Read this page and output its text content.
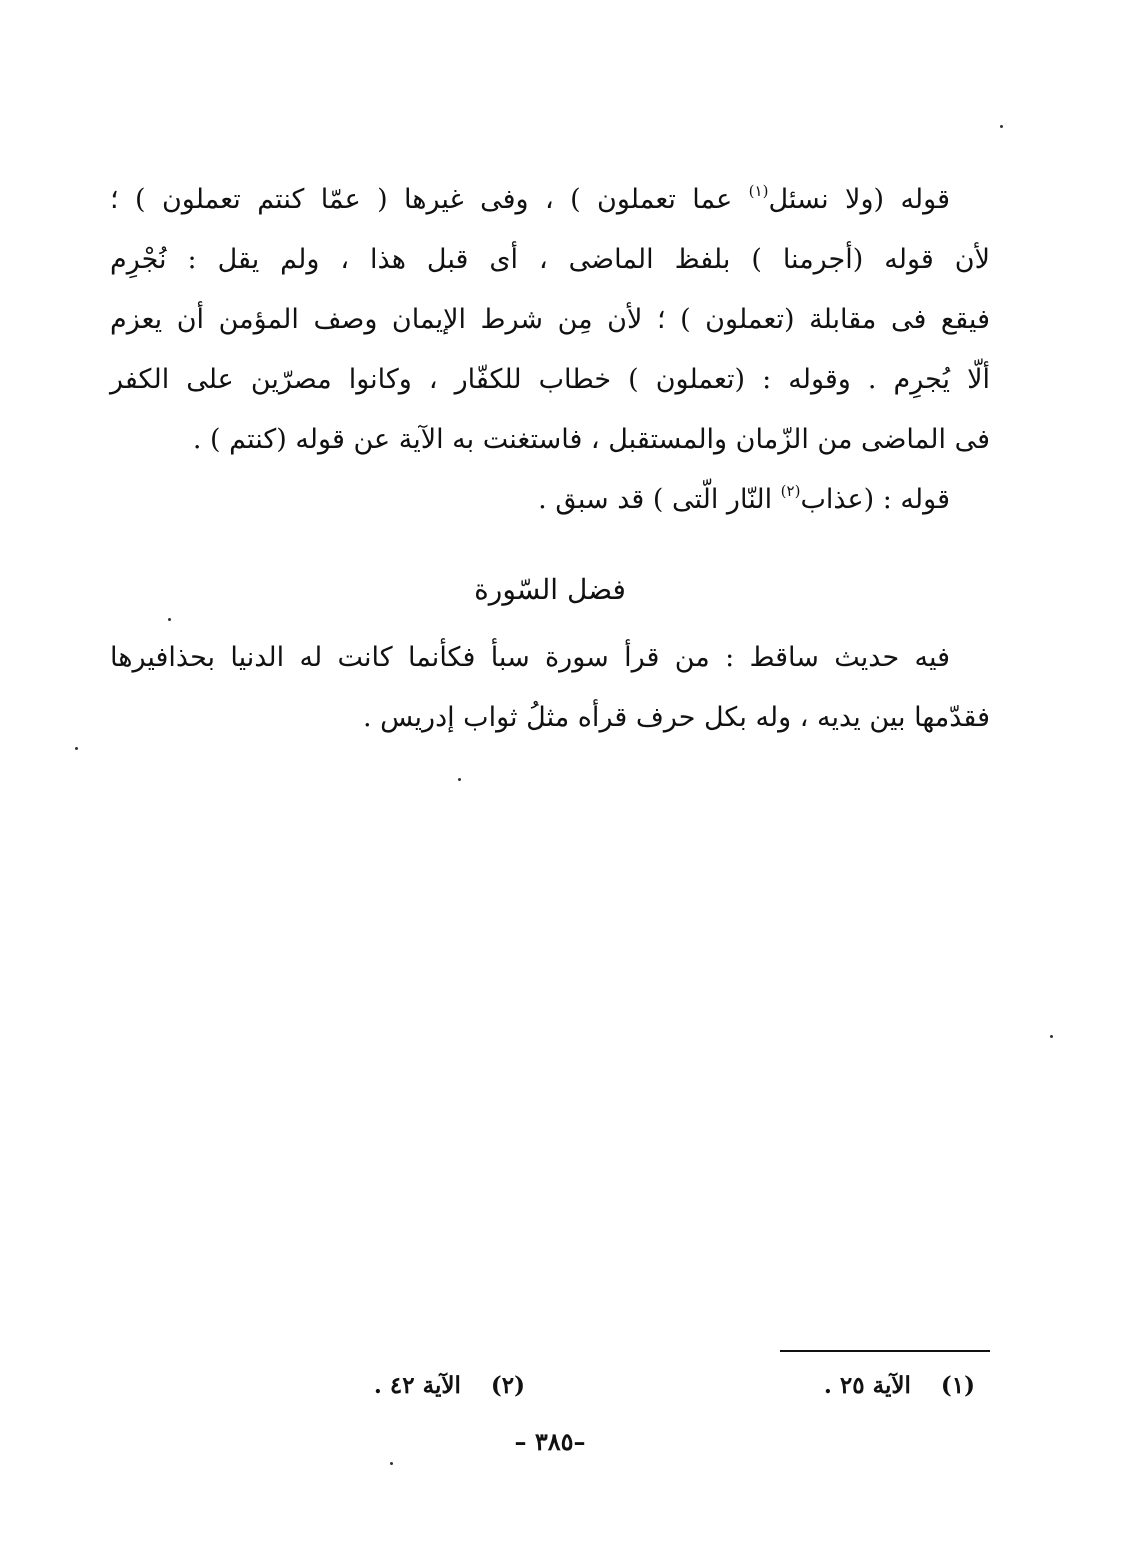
قوله (ولا نسئل$^{(١)}$ عما تعملون ) ، وفى غيرها ( عمّا كنتم تعملون ) ؛
لأن قوله (أجرمنا ) بلفظ الماضى ، أى قبل هذا ، ولم يقل : نُجْرِم
فيقع فى مقابلة (تعملون ) ؛ لأن مِن شرط الإيمان وصف المؤمن أن يعزم
ألّا يُجرِم . وقوله : (تعملون ) خطاب للكفّار ، وكانوا مصرّين على الكفر
فى الماضى من الزّمان والمستقبل ، فاستغنت به الآية عن قوله (كنتم ) .
قوله : (عذاب$^{(٢)}$ النّار الّتى ) قد سبق .
فضل السّورة
فيه حديث ساقط : من قرأ سورة سبأ فكأنما كانت له الدنيا بحذافيرها
فقدّمها بين يديه ، وله بكل حرف قرأه مثلُ ثواب إدريس .
(١)الآية ٢٥ .
(٢)الآية ٤٢ .
–٣٨٥ –
